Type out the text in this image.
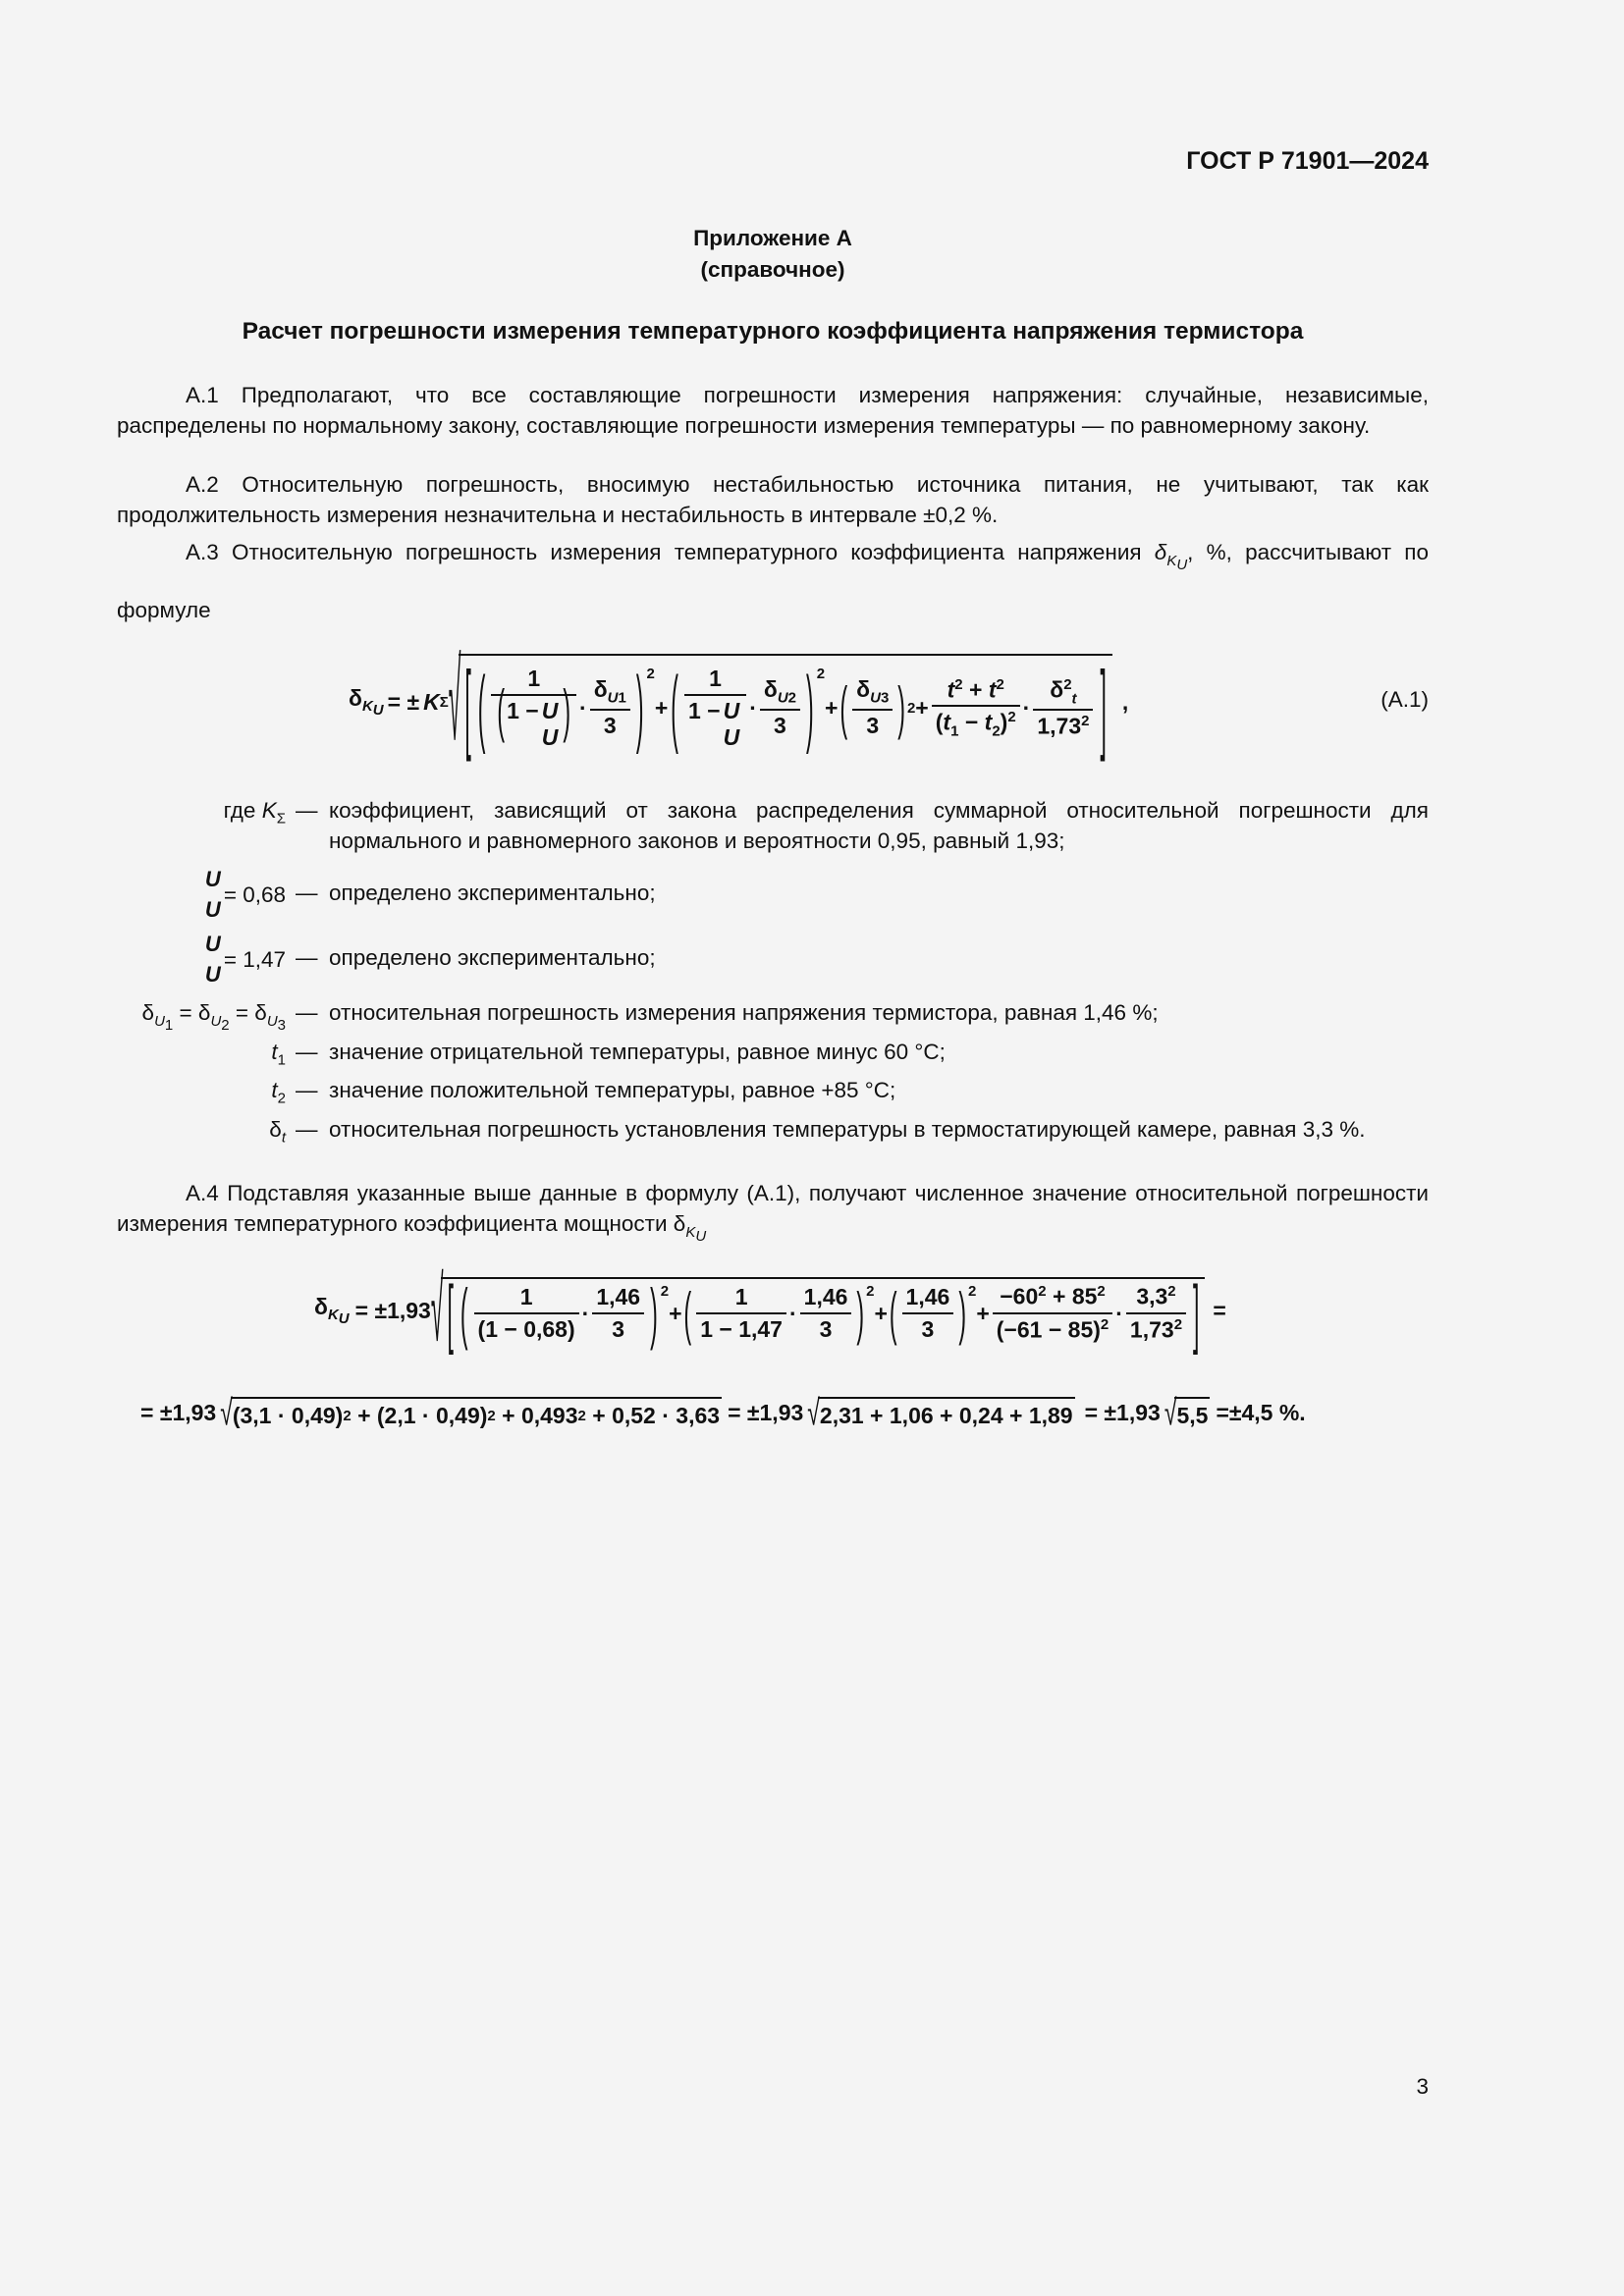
ГОСТ Р 71901—2024
Приложение А
(справочное)
Расчет погрешности измерения температурного коэффициента напряжения термистора

А.1 Предполагают, что все составляющие погрешности измерения напряжения: случайные, независимые, распределены по нормальному закону, составляющие погрешности измерения температуры — по равномерному закону.

А.2 Относительную погрешность, вносимую нестабильностью источника питания, не учитывают, так как продолжительность измерения незначительна и нестабильность в интервале ±0,2 %.

А.3 Относительную погрешность измерения температурного коэффициента напряжения $\delta_{K_U}$, %, рассчитывают по формуле

$\delta_{K_U}$ = ± K Σ √ [ (	1
(1 − U
U ) ·
$\delta_{U1}$
3 )$^2$
+ (	1
1 − U
U
·
$\delta_{U2}$
3 )$^2$
+ ( $\delta_{U3}$
3 ) $2 + \frac{t^2 + t^2}{(t_1 - t_2)^2}$ ·
$\delta^2_t$
1,73$^2$ ] ,	(А.1)
где $K_\Sigma$ — коэффициент, зависящий от закона распределения суммарной относительной погрешности для нормального и равномерного законов и вероятности 0,95, равный 1,93;
U
U
= 0,68 — определено экспериментально;
U
U
= 1,47 — определено экспериментально;
$\delta_{U_1} = \delta_{U_2} = \delta_{U_3}$ — относительная погрешность измерения напряжения термистора, равная 1,46 %;
$t_1$ — значение отрицательной температуры, равное минус 60 °С;
$t_2$ — значение положительной температуры, равное +85 °С;
$\delta_t$ — относительная погрешность установления температуры в термостатирующей камере, равная 3,3 %.

А.4 Подставляя указанные выше данные в формулу (А.1), получают численное значение относительной погрешности измерения температурного коэффициента мощности $\delta_{K_U}$

$\delta_{K_U} = \pm 1,93$ √ [ (	1
(1 − 0,68)
·
1,46
3	)$^2$
+ (	1
1 − 1,47
·
1,46
3	)$^2$
+ ( 1,46
3	)$^2$
+ $\frac{-60^2 + 85^2}{(-61 - 85)^2}$ ·
$3,3^2$
1,73$^2$ ] =
= ±1,93 √ (3,1 · 0,49) 2
+ (2,1 · 0,49) 2
+ 0,493 2
+ 0,52 · 3,63 = ±1,93 √ 2,31 + 1,06 + 0,24 + 1,89 = ±1,93 √ 5,5 =±4,5 %.
3
